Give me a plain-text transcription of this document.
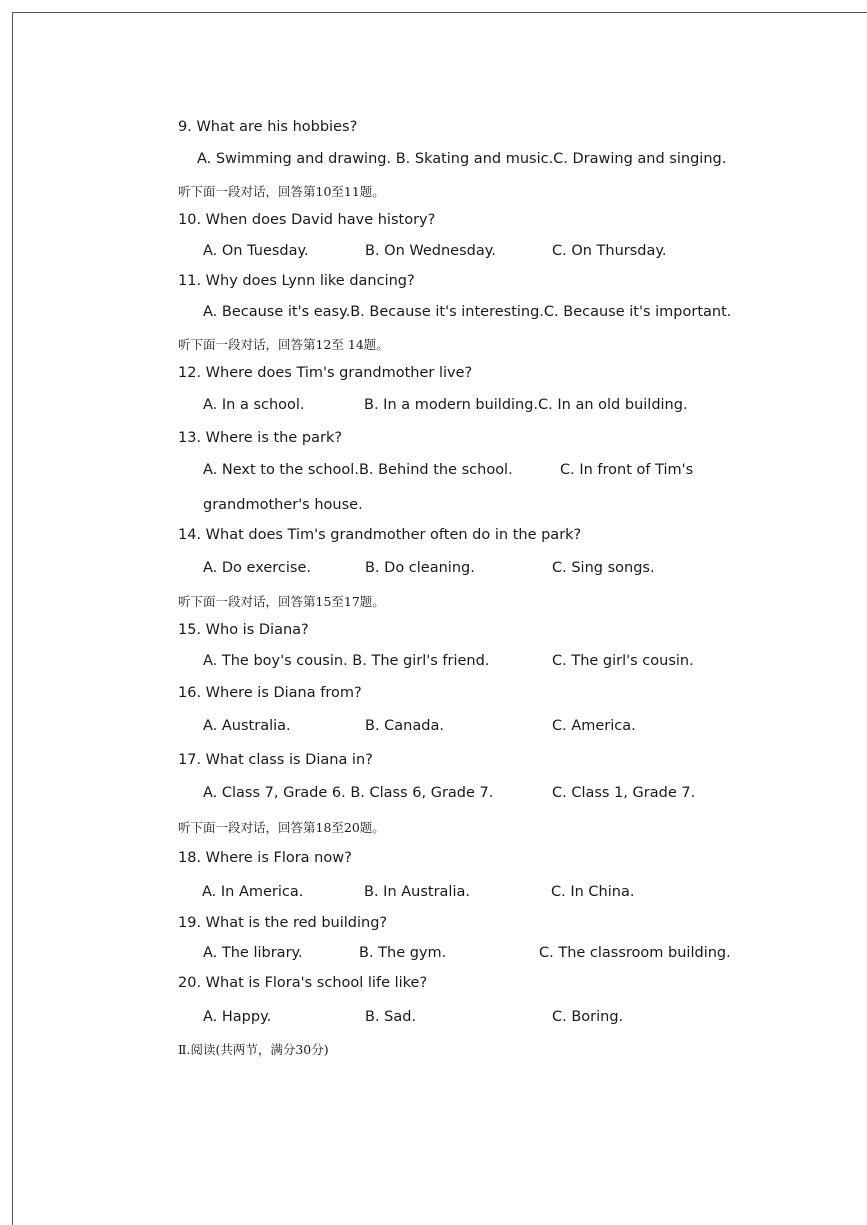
9. What are his hobbies?
A. Swimming and drawing. B. Skating and music.C. Drawing and singing.
听下面一段对话，回答第10至11题。
10. When does David have history?
A. On Tuesday.	B. On Wednesday.	C. On Thursday.
11. Why does Lynn like dancing?
A. Because it's easy.B. Because it's interesting.C. Because it's important.
听下面一段对话，回答第12至 14题。
12. Where does Tim's grandmother live?
A. In a school.	B. In a modern building.C. In an old building.
13. Where is the park?
A. Next to the school.B. Behind the school.	C. In front of Tim's
grandmother's house.
14. What does Tim's grandmother often do in the park?
A. Do exercise.	B. Do cleaning.	C. Sing songs.
听下面一段对话，回答第15至17题。
15. Who is Diana?
A. The boy's cousin. B. The girl's friend.	C. The girl's cousin.
16. Where is Diana from?
A. Australia.	B. Canada.	C. America.
17. What class is Diana in?
A. Class 7, Grade 6. B. Class 6, Grade 7.	C. Class 1, Grade 7.
听下面一段对话，回答第18至20题。
18. Where is Flora now?
A. In America.	B. In Australia.	C. In China.
19. What is the red building?
A. The library.	B. The gym.	C. The classroom building.
20. What is Flora's school life like?
A. Happy.	B. Sad.	C. Boring.
Ⅱ.阅读(共两节，满分30分)
